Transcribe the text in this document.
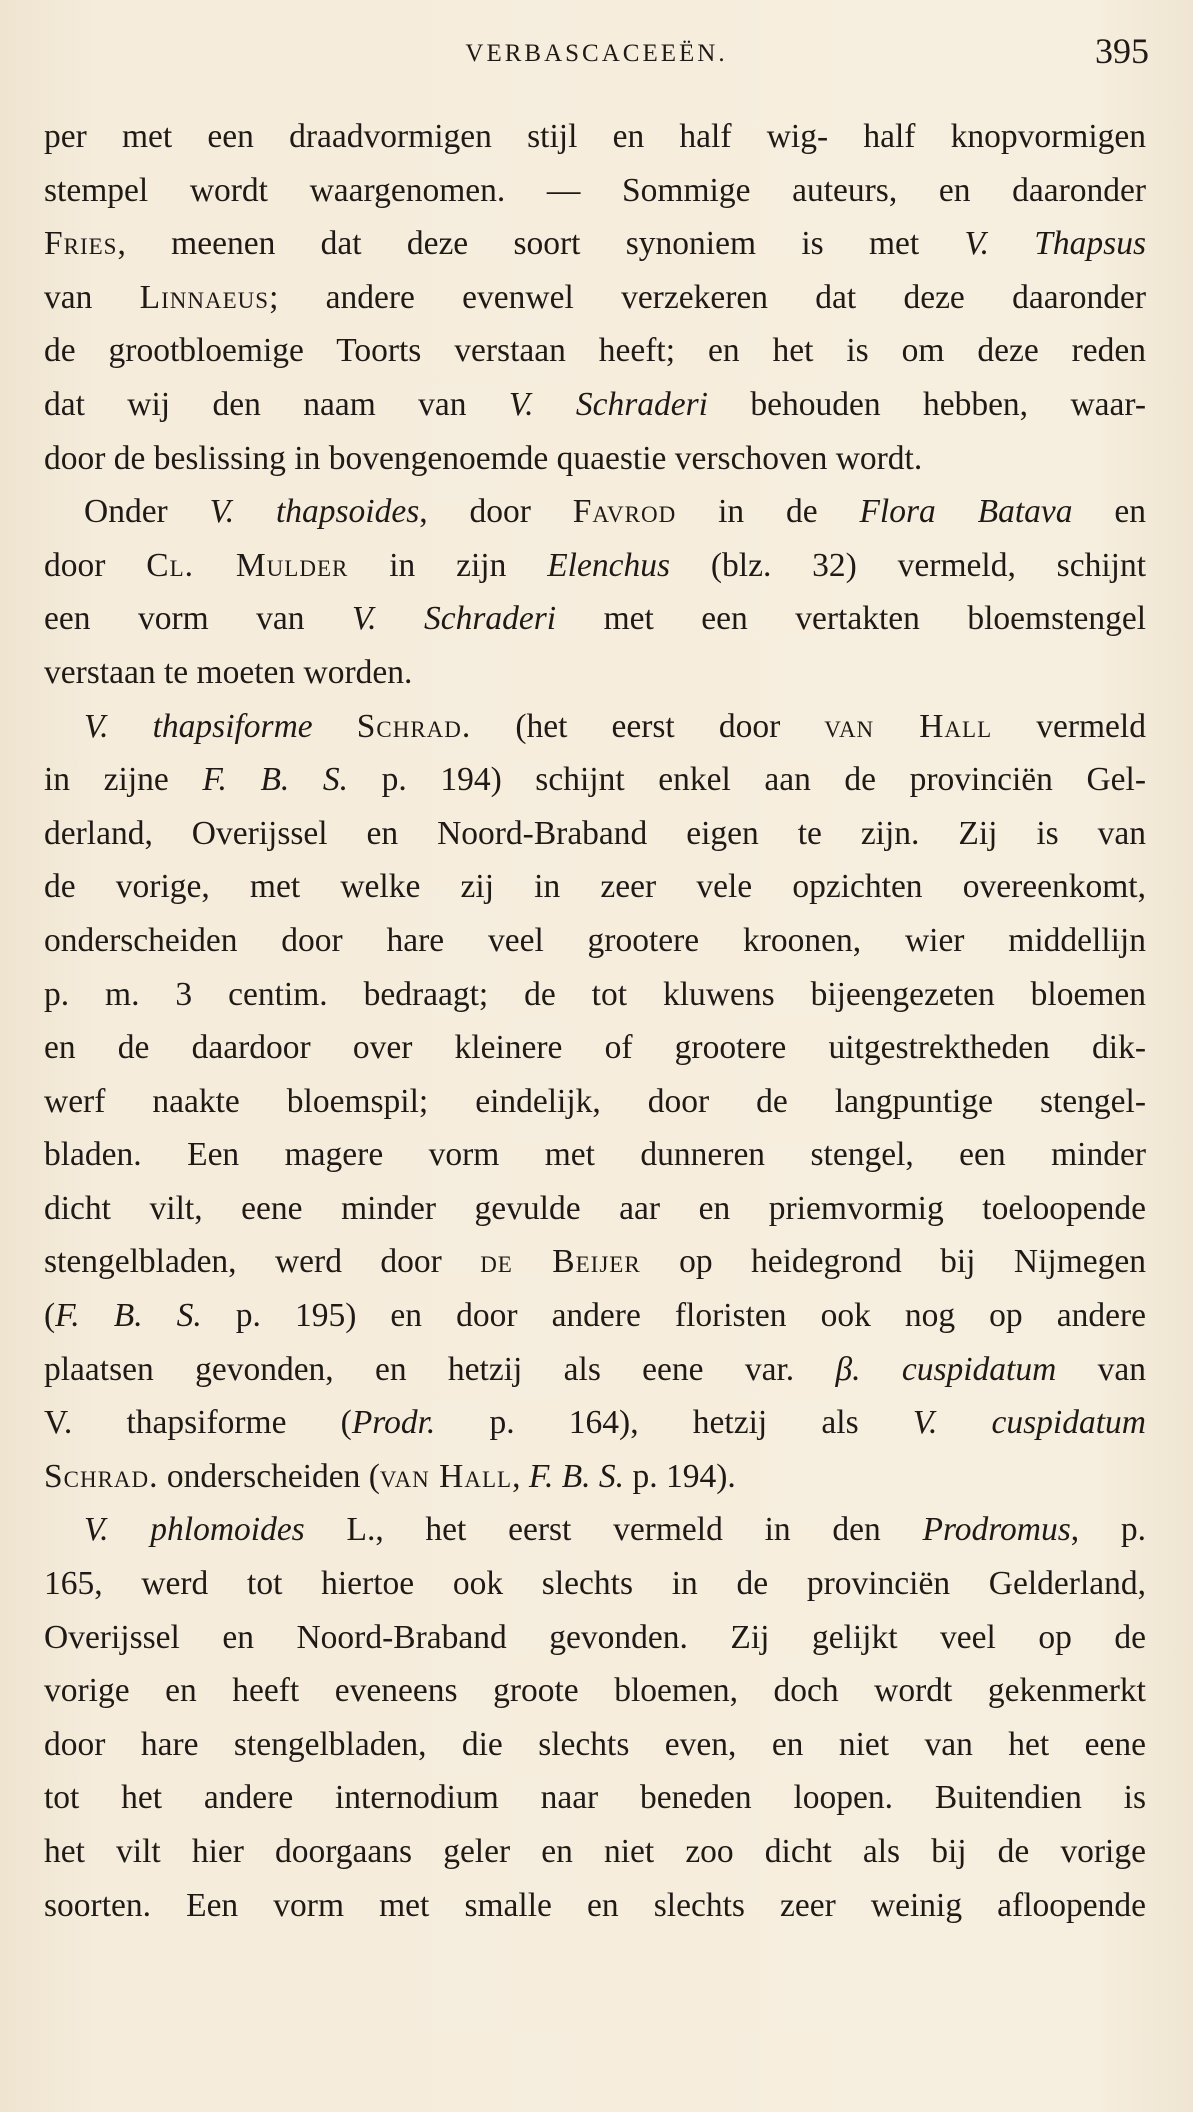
VERBASCACEEËN.	395
per met een draadvormigen stijl en half wig- half knopvormigen
stempel wordt waargenomen. — Sommige auteurs, en daaronder
Fries, meenen dat deze soort synoniem is met V. Thapsus
van Linnaeus; andere evenwel verzekeren dat deze daaronder
de grootbloemige Toorts verstaan heeft; en het is om deze reden
dat wij den naam van V. Schraderi behouden hebben, waar-
door de beslissing in bovengenoemde quaestie verschoven wordt.
Onder V. thapsoides, door Favrod in de Flora Batava en
door Cl. Mulder in zijn Elenchus (blz. 32) vermeld, schijnt
een vorm van V. Schraderi met een vertakten bloemstengel
verstaan te moeten worden.
V. thapsiforme Schrad. (het eerst door van Hall vermeld
in zijne F. B. S. p. 194) schijnt enkel aan de provinciën Gel-
derland, Overijssel en Noord-Braband eigen te zijn. Zij is van
de vorige, met welke zij in zeer vele opzichten overeenkomt,
onderscheiden door hare veel grootere kroonen, wier middellijn
p. m. 3 centim. bedraagt; de tot kluwens bijeengezeten bloemen
en de daardoor over kleinere of grootere uitgestrektheden dik-
werf naakte bloemspil; eindelijk, door de langpuntige stengel-
bladen. Een magere vorm met dunneren stengel, een minder
dicht vilt, eene minder gevulde aar en priemvormig toeloopende
stengelbladen, werd door de Beijer op heidegrond bij Nijmegen
(F. B. S. p. 195) en door andere floristen ook nog op andere
plaatsen gevonden, en hetzij als eene var. β. cuspidatum van
V. thapsiforme (Prodr. p. 164), hetzij als V. cuspidatum
Schrad. onderscheiden (van Hall, F. B. S. p. 194).
V. phlomoides L., het eerst vermeld in den Prodromus, p.
165, werd tot hiertoe ook slechts in de provinciën Gelderland,
Overijssel en Noord-Braband gevonden. Zij gelijkt veel op de
vorige en heeft eveneens groote bloemen, doch wordt gekenmerkt
door hare stengelbladen, die slechts even, en niet van het eene
tot het andere internodium naar beneden loopen. Buitendien is
het vilt hier doorgaans geler en niet zoo dicht als bij de vorige
soorten. Een vorm met smalle en slechts zeer weinig afloopende
